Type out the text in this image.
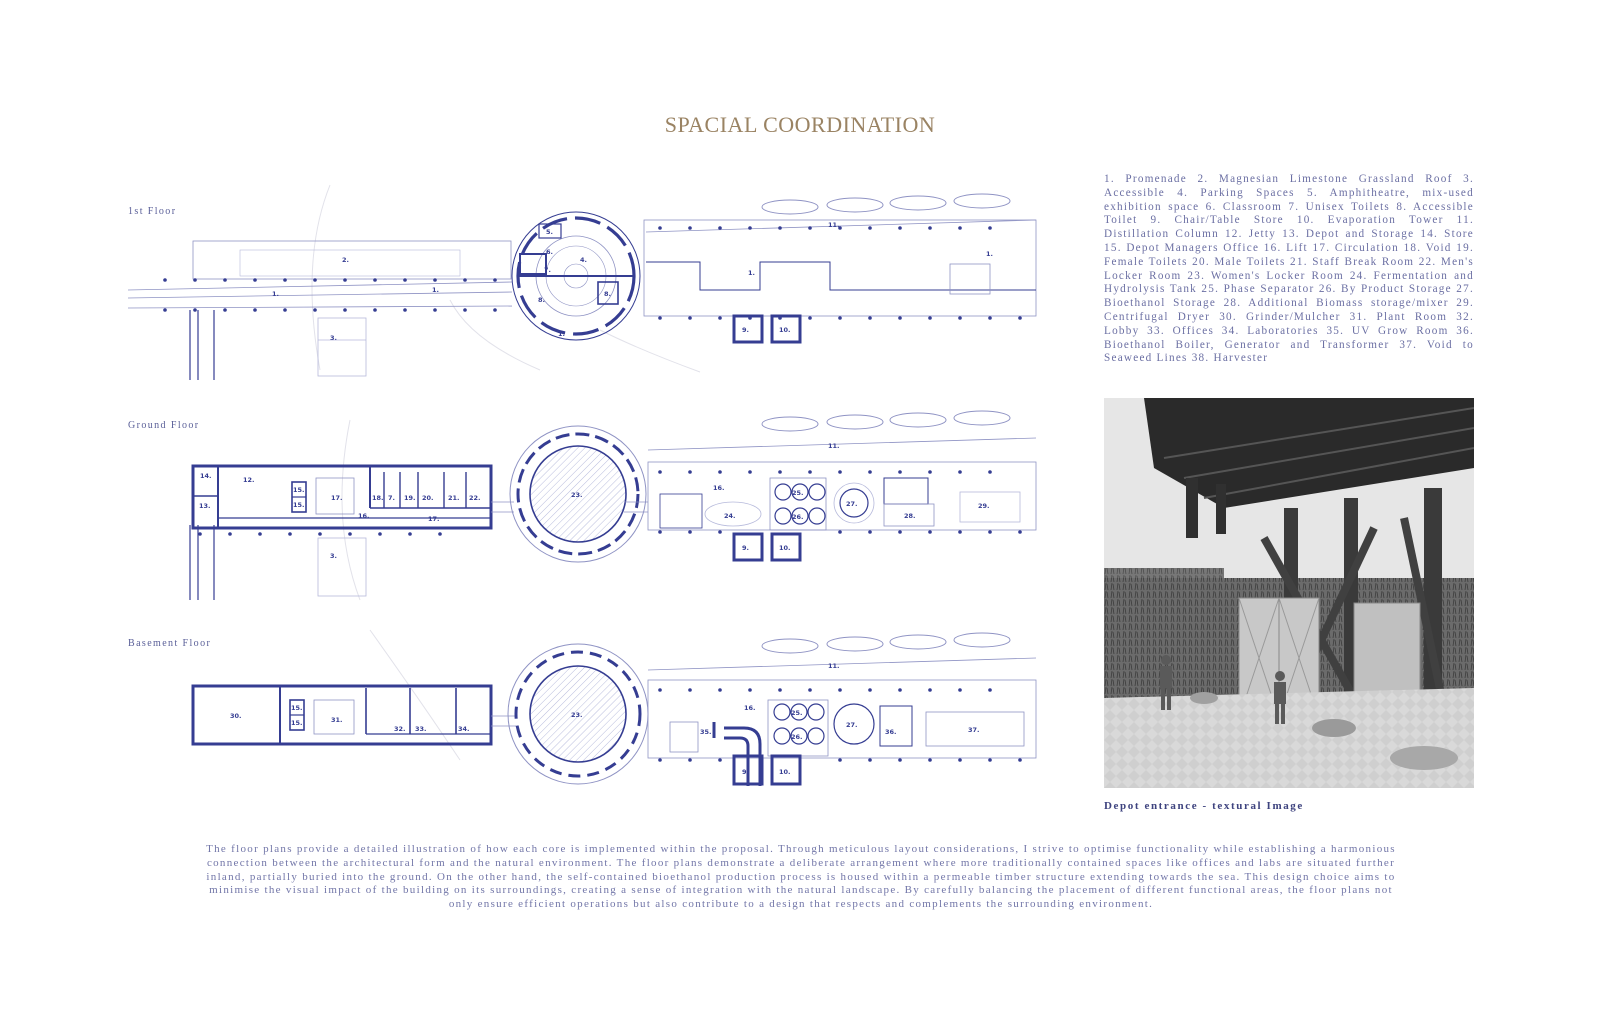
SPACIAL COORDINATION
1st Floor
Ground Floor
Basement Floor
2.
1.	1.
3.
5.
6.
4.
7.
8.
8.
1.
11.
1.
1.
9.	10.
14.	12.
13.
15.
15.
17.	18. 7. 19. 20. 21. 22.
16.	17.
3.
23.
11.
16.
25.
26.
27.
24.	28.
29.
9.	10.
30.
15.
15.	31.
32. 33.	34.
23.
11.
16.
25.
26.
27.
36.	37.
35.
9.	10.
1. Promenade 2. Magnesian Limestone Grassland Roof 3. Accessible 4. Parking Spaces 5. Amphitheatre, mix-used exhibition space 6. Classroom 7. Unisex Toilets 8. Accessible Toilet 9. Chair/Table Store 10. Evaporation Tower 11. Distillation Column 12. Jetty 13. Depot and Storage 14. Store 15. Depot Managers Office 16. Lift 17. Circulation 18. Void 19. Female Toilets 20. Male Toilets 21. Staff Break Room 22. Men's Locker Room 23. Women's Locker Room 24. Fermentation and Hydrolysis Tank 25. Phase Separator 26. By Product Storage 27. Bioethanol Storage 28. Additional Biomass storage/mixer 29. Centrifugal Dryer 30. Grinder/Mulcher 31. Plant Room 32. Lobby 33. Offices 34. Laboratories 35. UV Grow Room 36. Bioethanol Boiler, Generator and Transformer 37. Void to Seaweed Lines 38. Harvester
Depot entrance - textural Image
The floor plans provide a detailed illustration of how each core is implemented within the proposal. Through meticulous layout considerations, I strive to optimise functionality while establishing a harmonious connection between the architectural form and the natural environment. The floor plans demonstrate a deliberate arrangement where more traditionally contained spaces like offices and labs are situated further inland, partially buried into the ground. On the other hand, the self-contained bioethanol production process is housed within a permeable timber structure extending towards the sea. This design choice aims to minimise the visual impact of the building on its surroundings, creating a sense of integration with the natural landscape. By carefully balancing the placement of different functional areas, the floor plans not only ensure efficient operations but also contribute to a design that respects and complements the surrounding environment.
